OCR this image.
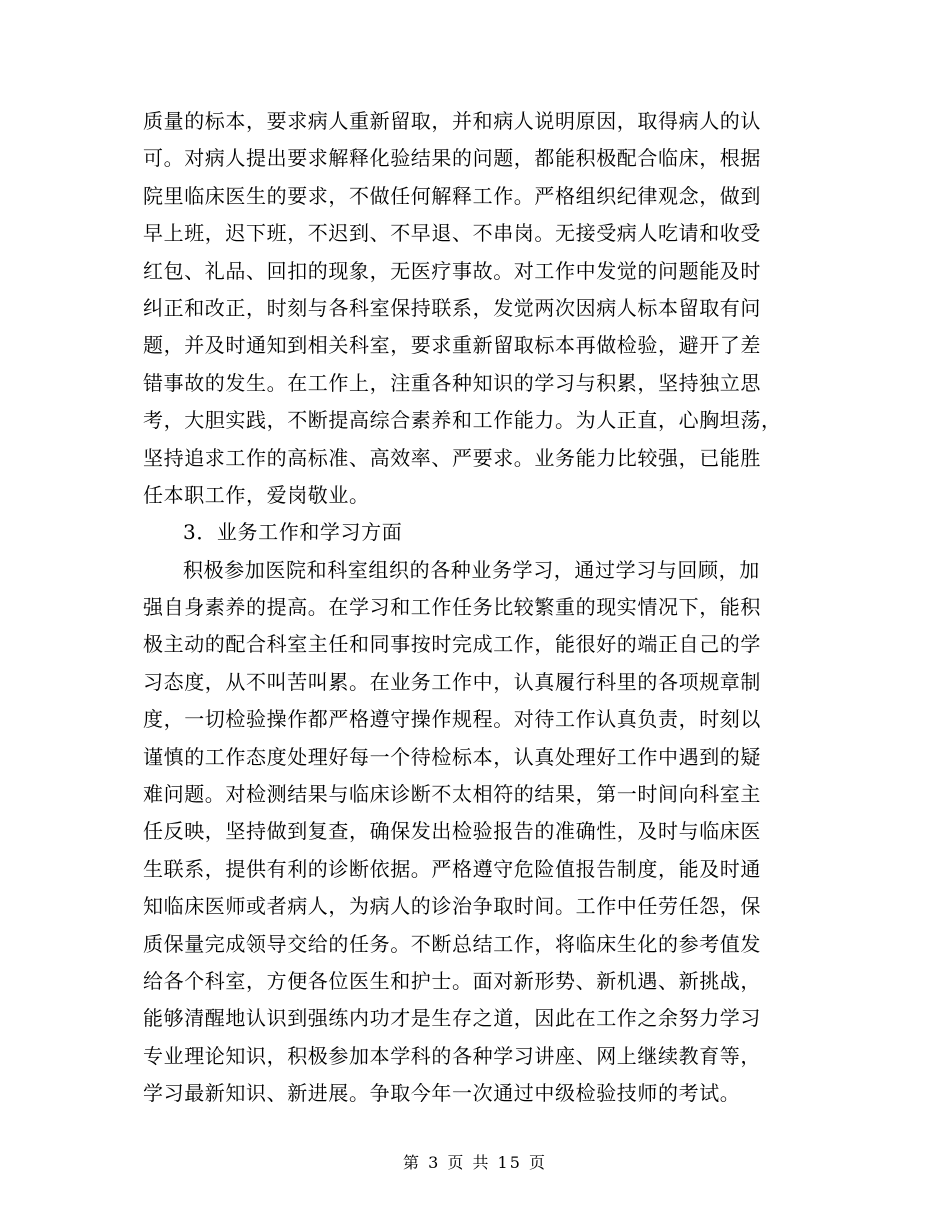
质量的标本，要求病人重新留取，并和病人说明原因，取得病人的认
可。对病人提出要求解释化验结果的问题，都能积极配合临床，根据
院里临床医生的要求，不做任何解释工作。严格组织纪律观念，做到
早上班，迟下班，不迟到、不早退、不串岗。无接受病人吃请和收受
红包、礼品、回扣的现象，无医疗事故。对工作中发觉的问题能及时
纠正和改正，时刻与各科室保持联系，发觉两次因病人标本留取有问
题，并及时通知到相关科室，要求重新留取标本再做检验，避开了差
错事故的发生。在工作上，注重各种知识的学习与积累，坚持独立思
考，大胆实践，不断提高综合素养和工作能力。为人正直，心胸坦荡，
坚持追求工作的高标准、高效率、严要求。业务能力比较强，已能胜
任本职工作，爱岗敬业。
3．业务工作和学习方面
积极参加医院和科室组织的各种业务学习，通过学习与回顾，加
强自身素养的提高。在学习和工作任务比较繁重的现实情况下，能积
极主动的配合科室主任和同事按时完成工作，能很好的端正自己的学
习态度，从不叫苦叫累。在业务工作中，认真履行科里的各项规章制
度，一切检验操作都严格遵守操作规程。对待工作认真负责，时刻以
谨慎的工作态度处理好每一个待检标本，认真处理好工作中遇到的疑
难问题。对检测结果与临床诊断不太相符的结果，第一时间向科室主
任反映，坚持做到复查，确保发出检验报告的准确性，及时与临床医
生联系，提供有利的诊断依据。严格遵守危险值报告制度，能及时通
知临床医师或者病人，为病人的诊治争取时间。工作中任劳任怨，保
质保量完成领导交给的任务。不断总结工作，将临床生化的参考值发
给各个科室，方便各位医生和护士。面对新形势、新机遇、新挑战，
能够清醒地认识到强练内功才是生存之道，因此在工作之余努力学习
专业理论知识，积极参加本学科的各种学习讲座、网上继续教育等，
学习最新知识、新进展。争取今年一次通过中级检验技师的考试。
第 3 页 共 15 页
